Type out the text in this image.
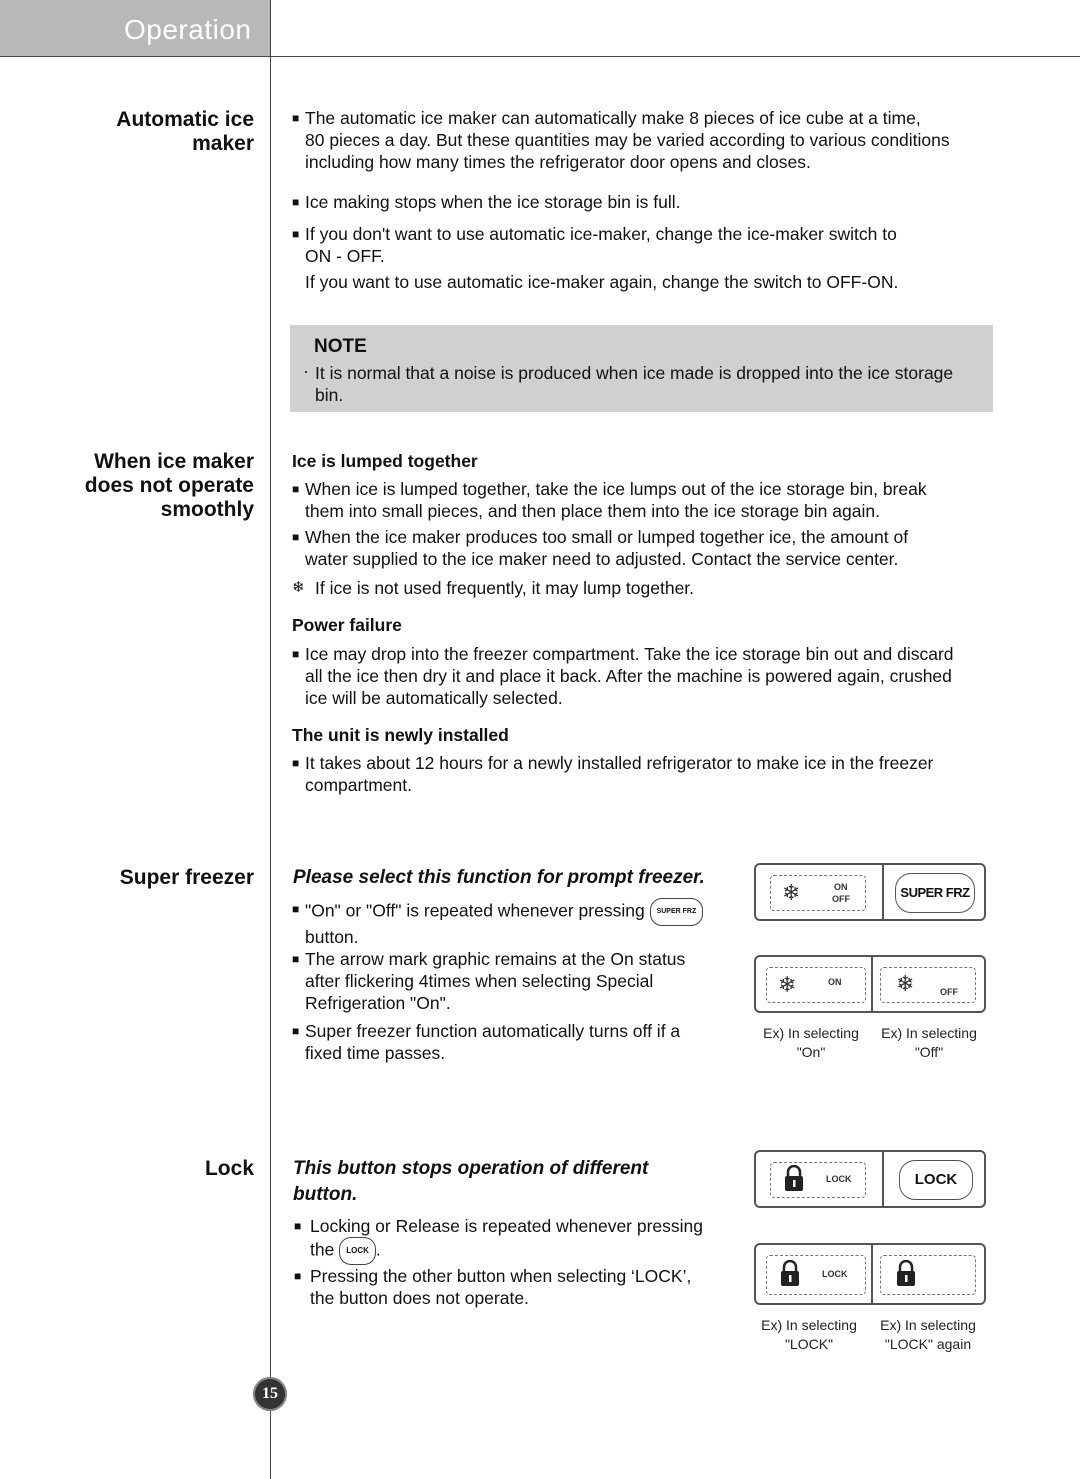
Operation
Automatic ice
maker
When ice maker
does not operate
smoothly
Super freezer
Lock
■ The automatic ice maker can automatically make 8 pieces of ice cube at a time,
80 pieces a day. But these quantities may be varied according to various conditions
including how many times the refrigerator door opens and closes.
■ Ice making stops when the ice storage bin is full.
■ If you don't want to use automatic ice-maker, change the ice-maker switch to
ON - OFF.
If you want to use automatic ice-maker again, change the switch to OFF-ON.
NOTE
· It is normal that a noise is produced when ice made is dropped into the ice storage
bin.
Ice is lumped together
■ When ice is lumped together, take the ice lumps out of the ice storage bin, break
them into small pieces, and then place them into the ice storage bin again.
■ When the ice maker produces too small or lumped together ice, the amount of
water supplied to the ice maker need to adjusted. Contact the service center.
❄ If ice is not used frequently, it may lump together.
Power failure
■ Ice may drop into the freezer compartment. Take the ice storage bin out and discard
all the ice then dry it and place it back. After the machine is powered again, crushed
ice will be automatically selected.
The unit is newly installed
■ It takes about 12 hours for a newly installed refrigerator to make ice in the freezer
compartment.
Please select this function for prompt freezer.
■ "On" or "Off" is repeated whenever pressing SUPER FRZ
button.
■ The arrow mark graphic remains at the On status
after flickering 4times when selecting Special
Refrigeration "On".
■ Super freezer function automatically turns off if a
fixed time passes.
❄	ON
OFF	SUPER FRZ
❄	ON ❄	OFF
Ex) In selecting
"On"
Ex) In selecting
"Off"
This button stops operation of different
button.
■ Locking or Release is repeated whenever pressing
the LOCK .
■ Pressing the other button when selecting ‘LOCK’,
the button does not operate.
LOCK	LOCK
LOCK
Ex) In selecting
"LOCK"
Ex) In selecting
"LOCK" again
15
